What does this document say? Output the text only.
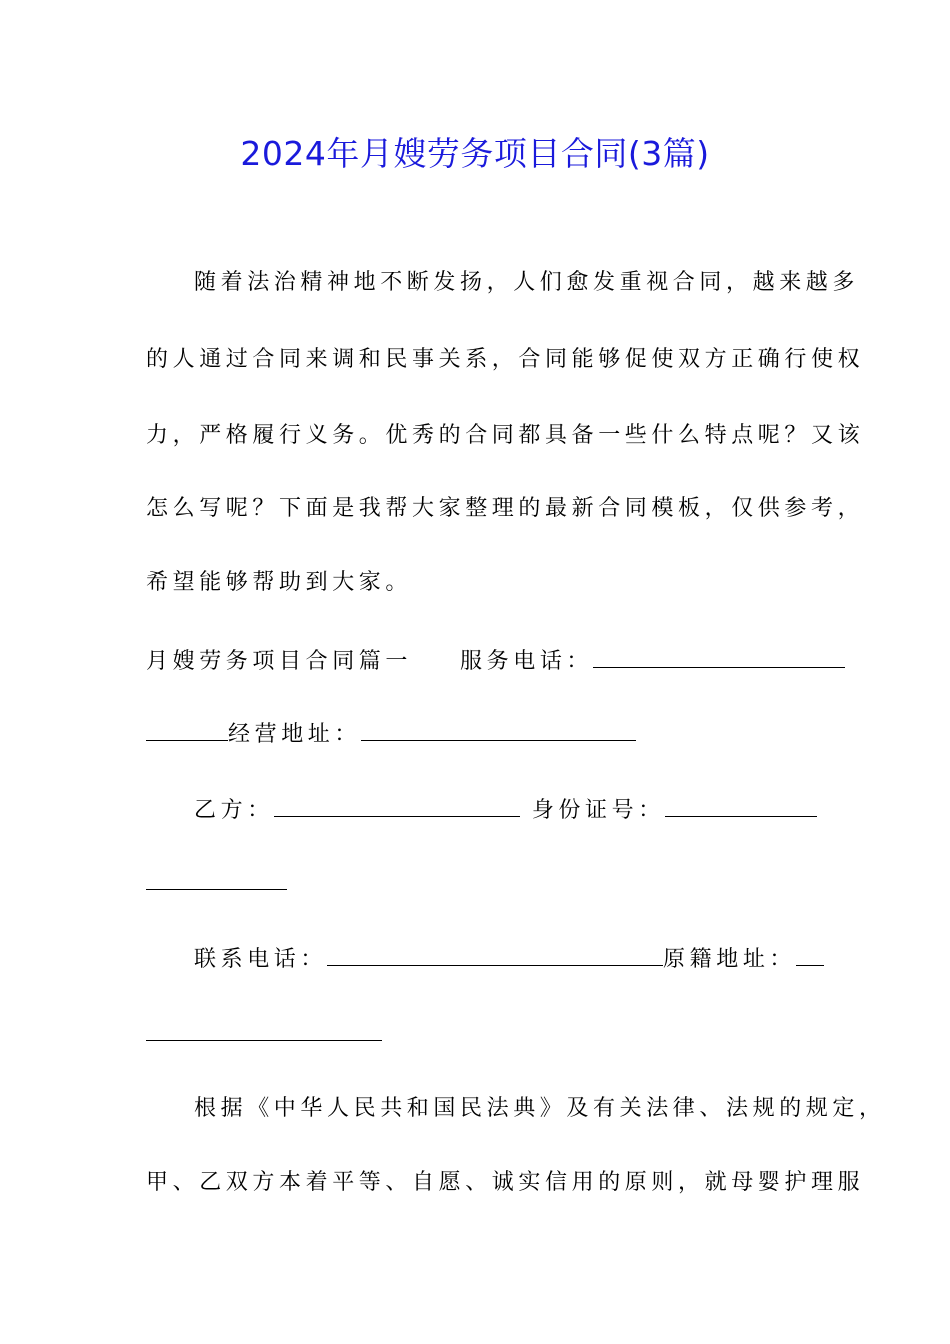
2024年月嫂劳务项目合同(3篇)
随着法治精神地不断发扬，人们愈发重视合同，越来越多
的人通过合同来调和民事关系，合同能够促使双方正确行使权
力，严格履行义务。优秀的合同都具备一些什么特点呢？又该
怎么写呢？下面是我帮大家整理的最新合同模板，仅供参考，
希望能够帮助到大家。
月嫂劳务项目合同篇一 服务电话：
经营地址：
乙方：	身份证号：
联系电话：	原籍地址：
根据《中华人民共和国民法典》及有关法律、法规的规定，
甲、乙双方本着平等、自愿、诚实信用的原则，就母婴护理服
